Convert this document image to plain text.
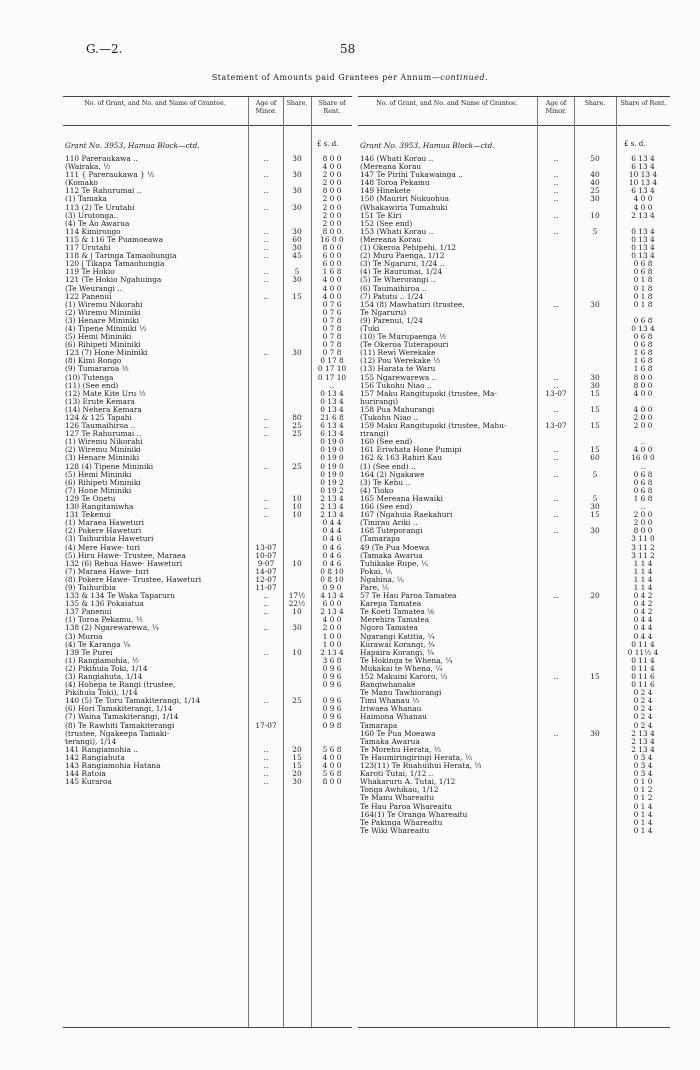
G.—2.	58
Statement of Amounts paid Grantees per Annum—continued.
No. of Grant, and No. and Name of Grantee.	Age of Minor.
Share.	Share of Rent.
Grant No. 3953, Hamua Block—ctd.	£ s. d.
110 Pareraukawa ..	..	30	8 0 0
(Wairaka, ½	4 0 0
111 { Pareraukawa } ½	..	30	2 0 0
(Komako	2 0 0
112 Te Rahurumai ..	..	30	8 0 0
(1) Tamaka	2 0 0
113 (2) Te Urutahi	..	30	2 0 0
(3) Urutonga..	2 0 0
(4) Te Ao Awarua	2 0 0
114 Kimirongo	..	30	8 0 0
115 & 116 Te Puamoeawa	..	60	16 0 0
117 Urutahi	..	30	8 0 0
118 & | Taringa Tamaohungia	..	45	6 0 0
120 | Tikapa Tamaohungia	6 0 0
119 Te Hokio	..	5	1 6 8
121 (Te Hokio Ngahuinga	..	30	4 0 0
(Te Weurangi ..	4 0 0
122 Panenui	..	15	4 0 0
(1) Wiremu Nikorahi	0 7 6
(2) Wiremu Mininiki	0 7 6
(3) Henare Mininiki	0 7 8
(4) Tipene Mininiki ½	0 7 8
(5) Hemi Mininiki	0 7 8
(6) Rihipeti Mininiki	0 7 8
123 (7) Hone Mininiki	..	30	0 7 8
(8) Kimi Rongo	0 17 8
(9) Tumararoa ½	0 17 10
(10) Tutenga	0 17 10
(11) (See end)	..
(12) Mate Kite Uru ½	0 13 4
(13) Erute Kemara	0 13 4
(14) Nehera Kemara	0 13 4
124 & 125 Tapahi	..	80	21 6 8
126 Taumaihiroa ..	..	25	6 13 4
127 Te Rahurumai ..	..	25	6 13 4
(1) Wiremu Nikorahi	0 19 0
(2) Wiremu Mininiki	0 19 0
(3) Henare Mininiki	0 19 0
128 (4) Tipene Mininiki	..	25	0 19 0
(5) Hemi Mininiki	0 19 0
(6) Rihipeti Mininiki	0 19 2
(7) Hone Mininiki	0 19 2
129 Te Onetu	..	10	2 13 4
130 Rangitaniwha	..	10	2 13 4
131 Tekenui	..	10	2 13 4
(1) Maraea Haweturi	0 4 4
(2) Pokere Haweturi	0 4 4
(3) Taihuribia Haweturi	0 4 6
(4) Mere Hawe- turi	13-07	0 4 6
(5) Hiru Hawe- Trustee, Maraea	10-07	0 4 6
132 (6) Rehua Hawe- Haweturi	9-07	10	0 4 6
(7) Maraea Hawe- turi	14-07	0 8 10
(8) Pokere Hawe- Trustee, Haweturi	12-07	0 8 10
(9) Taihuribia	11-07	0 9 0
133 & 134 Te Waka Taparuru	..	17½	4 13 4
135 & 136 Pokaiatua	..	22½	6 0 0
137 Panenui	..	10	2 13 4
(1) Toroa Pekamu, ½	4 0 0
138 (2) Ngarewarewa, ¼	..	30	2 0 0
(3) Muroa	1 0 0
(4) Te Karanga ¼	1 0 0
139 Te Purei	..	10	2 13 4
(1) Rangiamohia, ½	3 6 8
(2) Pikihuia Toki, 1/14	0 9 6
(3) Rangiahuta, 1/14	0 9 6
(4) Hohepa te Rangi (trustee,	0 9 6
Pikihuia Toki), 1/14
140 (5) Te Toru Tamakiterangi, 1/14	..	25	0 9 6
(6) Hori Tamakiterangi, 1/14	0 9 6
(7) Waina Tamakiterangi, 1/14	0 9 6
(8) Te Rawhiti Tamakiterangi	17-07	0 9 8
(trustee, Ngakeepa Tamaki-
terangi), 1/14
141 Rangiamohia ..	..	20	5 6 8
142 Rangiahuta	..	15	4 0 0
143 Rangiamohia Hatana	..	15	4 0 0
144 Ratoia	..	20	5 6 8
145 Kuraroa	..	30	8 0 0
No. of Grant, and No. and Name of Grantee.	Age of Minor.
Share.	Share of Rent.
Grant No. 3953, Hamua Block—ctd.	£ s. d.
146 (Whati Korau ..	..	50	6 13 4
(Mereana Korau	6 13 4
147 Te Pirihi Tukawainga ..	..	40	10 13 4
148 Toroa Pekamu	..	40	10 13 4
149 Hinekete	..	25	6 13 4
150 (Mauriri Nukuohua	..	30	4 0 0
(Whakawiria Tumahuki	4 0 0
151 Te Kiri	..	10	2 13 4
152 (See end)
153 (Whati Korau ..	..	5	0 13 4
(Mereana Korau	0 13 4
(1) Okeroa Pehipehi, 1/12	0 13 4
(2) Muru Paenga, 1/12	0 13 4
(3) Te Ngaruru, 1/24 ..	0 6 8
(4) Te Raurumai, 1/24	0 6 8
(5) Te Wherorangi ..	0 1 8
(6) Taumaihiroa ..	0 1 8
(7) Patutu .. 1/24	0 1 8
154 (8) Mawhaturi (trustee,	..	30	0 1 8
Te Ngaruru)
(9) Parenui, 1/24	0 6 8
(Tuki	0 13 4
(10) Te Murupaenga ½	0 6 8
(Te Okeroa Tuterapouri	0 6 8
(11) Rewi Werekake	1 6 8
(12) Pou Werekake ½	1 6 8
(13) Harata te Waru	1 6 8
155 Ngarewarewa ..	..	30	8 0 0
156 Tukohu Niao ..	..	30	8 0 0
157 Maku Rangitupoki (trustee, Ma-	13-07	15	4 0 0
hurirangi)
158 Pua Mahurangi	..	15	4 0 0
(Tukohu Niao ..	2 0 0
159 Maku Rangitupoki (trustee, Mahu-	13-07	15	2 0 0
rirangi)
160 (See end)	..
161 Eriwhata Hone Pumipi	..	15	4 0 0
162 & 163 Rahiri Kau	..	60	16 0 0
(1) (See end) ..	..
164 (2) Ngakawe	..	5	0 6 8
(3) Te Kehu ..	0 6 8
(4) Tioko	0 6 8
165 Mereana Hawaiki	..	5	1 6 8
166 (See end)	30	..
167 (Ngahuia Raekahuri	..	15	2 0 0
(Tinirau Ariki ..	2 0 0
168 Tuteporangi	..	30	8 0 0
(Tamarapa	3 11 0
49 (Te Pua Moewa	3 11 2
(Tamaka Awarua	3 11 2
Tuhikake Rupe, ⅕	1 1 4
Pokai, ⅕	1 1 4
Ngahina, ⅕	1 1 4
Pare, ⅕	1 1 4
57 Te Hau Paroa Tamatea	..	20	0 4 2
Karepa Tamatea	0 4 2
Te Koeti Tamatea ⅙	0 4 2
Merehira Tamatea	0 4 4
Ngoro Tamatea	0 4 4
Ngarangi Katitia, ¼	0 4 4
Kurawai Korangi, ¼	0 11 4
Hapaira Korangi, ¼	0 11½ 4
Te Hokinga te Whena, ¼	0 11 4
Mukakai te Whena, ¼	0 11 4
152 Makuini Karoro, ⅓	..	15	0 11 6
Rangiwhanake	0 11 6
Te Manu Tawhiorangi	0 2 4
Timi Whanau ⅓	0 2 4
Iriwaea Whanau	0 2 4
Haimona Whanau	0 2 4
Tamarapa	0 2 4
160 Te Pua Moeawa	..	30	2 13 4
Tamaka Awarua	2 13 4
Te Morehu Herata, ⅓	2 13 4
Te Haumiringiringi Herata, ⅓	0 3 4
123(11) Te Ruahuihui Herata, ⅓	0 3 4
Karoti Tutai, 1/12 ..	0 3 4
Whakaruru A. Tutai, 1/12	0 1 0
Tonga Awhikau, 1/12	0 1 2
Te Manu Whareaitu	0 1 2
Te Hau Paroa Whareaitu	0 1 4
164(1) Te Oranga Whareaitu	0 1 4
Te Pakinga Whareaitu	0 1 4
Te Wiki Whareaitu	0 1 4
